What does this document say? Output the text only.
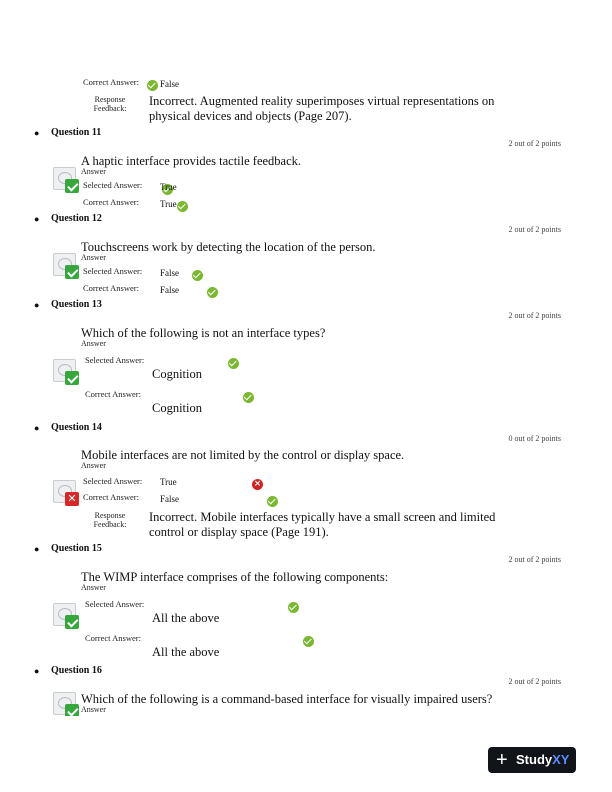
Correct Answer:
False
Response
Feedback:
Incorrect. Augmented reality superimposes virtual representations on
physical devices and objects (Page 207).
● Question 11
2 out of 2 points
A haptic interface provides tactile feedback.
Answer
Selected Answer:
True
Correct Answer:
True
● Question 12
2 out of 2 points
Touchscreens work by detecting the location of the person.
Answer
Selected Answer:
False
Correct Answer:
False
● Question 13
2 out of 2 points
Which of the following is not an interface types?
Answer
Selected Answer:

Cognition
Correct Answer:

Cognition
● Question 14
0 out of 2 points
Mobile interfaces are not limited by the control or display space.
Answer
✕
Selected Answer:	×
True
Correct Answer:
False
Response
Feedback:
Incorrect. Mobile interfaces typically have a small screen and limited
control or display space (Page 191).
● Question 15
2 out of 2 points
The WIMP interface comprises of the following components:
Answer
Selected Answer:

All the above
Correct Answer:
All the above
● Question 16
2 out of 2 points
Which of the following is a command-based interface for visually impaired users?
Answer
+ StudyXY
